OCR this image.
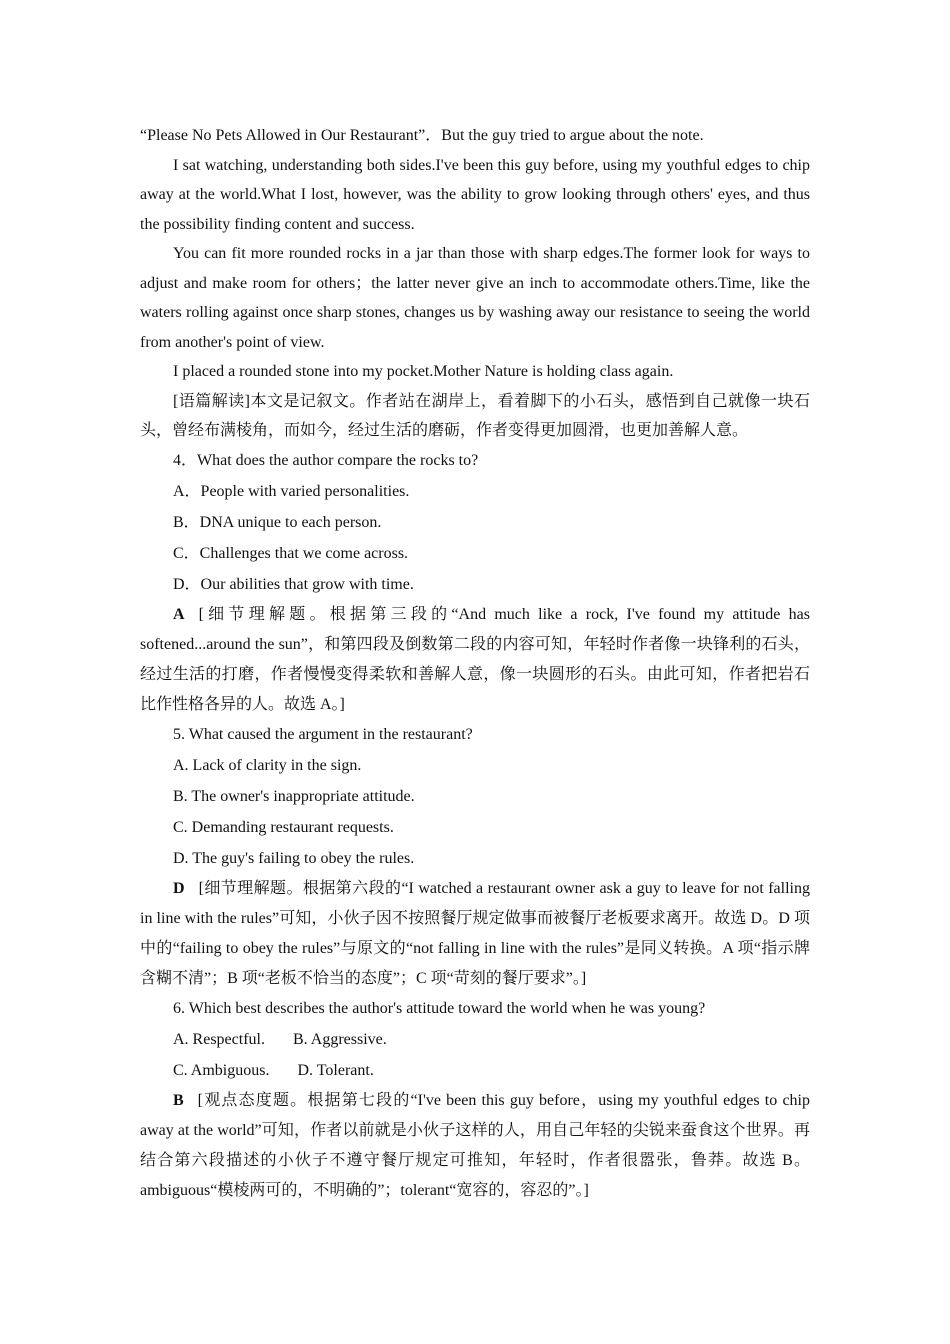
“Please No Pets Allowed in Our Restaurant”．But the guy tried to argue about the note.

I sat watching, understanding both sides.I've been this guy before, using my youthful edges to chip away at the world.What I lost, however, was the ability to grow looking through others' eyes, and thus the possibility finding content and success.

You can fit more rounded rocks in a jar than those with sharp edges.The former look for ways to adjust and make room for others；the latter never give an inch to accommodate others.Time, like the waters rolling against once sharp stones, changes us by washing away our resistance to seeing the world from another's point of view.

I placed a rounded stone into my pocket.Mother Nature is holding class again.

[语篇解读]本文是记叙文。作者站在湖岸上，看着脚下的小石头，感悟到自己就像一块石头，曾经布满棱角，而如今，经过生活的磨砺，作者变得更加圆滑，也更加善解人意。

4．What does the author compare the rocks to?

A．People with varied personalities.

B．DNA unique to each person.

C．Challenges that we come across.

D．Our abilities that grow with time.

A [细节理解题。根据第三段的“And much like a rock, I've found my attitude has softened...around the sun”，和第四段及倒数第二段的内容可知，年轻时作者像一块锋利的石头，经过生活的打磨，作者慢慢变得柔软和善解人意，像一块圆形的石头。由此可知，作者把岩石比作性格各异的人。故选 A。]

5. What caused the argument in the restaurant?

A. Lack of clarity in the sign.

B. The owner's inappropriate attitude.

C. Demanding restaurant requests.

D. The guy's failing to obey the rules.

D [细节理解题。根据第六段的“I watched a restaurant owner ask a guy to leave for not falling in line with the rules”可知，小伙子因不按照餐厅规定做事而被餐厅老板要求离开。故选 D。D 项中的“failing to obey the rules”与原文的“not falling in line with the rules”是同义转换。A 项“指示牌含糊不清”；B 项“老板不恰当的态度”；C 项“苛刻的餐厅要求”。]

6. Which best describes the author's attitude toward the world when he was young?

A. Respectful. B. Aggressive.

C. Ambiguous. D. Tolerant.

B [观点态度题。根据第七段的“I've been this guy before，using my youthful edges to chip away at the world”可知，作者以前就是小伙子这样的人，用自己年轻的尖锐来蚕食这个世界。再结合第六段描述的小伙子不遵守餐厅规定可推知，年轻时，作者很嚣张，鲁莽。故选 B。ambiguous“模棱两可的，不明确的”；tolerant“宽容的，容忍的”。]
